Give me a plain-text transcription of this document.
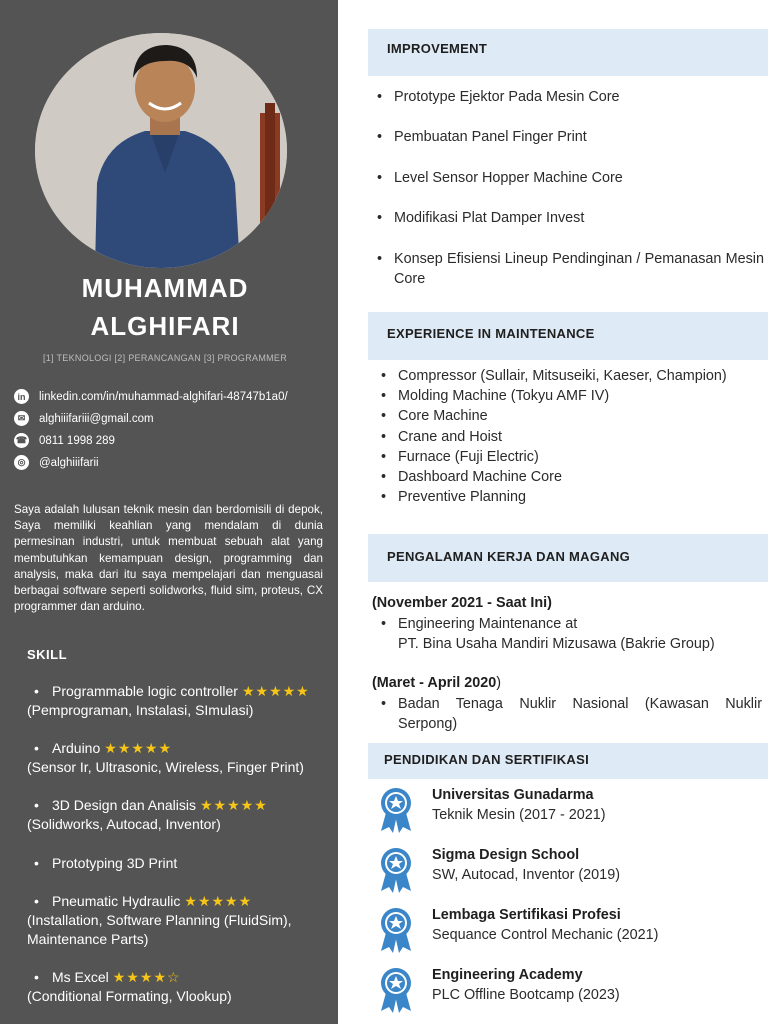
MUHAMMAD
ALGHIFARI
[1] TEKNOLOGI [2] PERANCANGAN [3] PROGRAMMER
in	linkedin.com/in/muhammad-alghifari-48747b1a0/
✉	alghiiifariii@gmail.com
☎ 0811 1998 289
◎	@alghiiifarii
Saya adalah lulusan teknik mesin dan berdomisili di depok, Saya memiliki keahlian yang mendalam di dunia permesinan industri, untuk membuat sebuah alat yang membutuhkan kemampuan design, programming dan analysis, maka dari itu saya mempelajari dan menguasai berbagai software seperti solidworks, fluid sim, proteus, CX programmer dan arduino.
SKILL
• Programmable logic controller ★★★★★
(Pemprograman, Instalasi, SImulasi)
• Arduino ★★★★★
(Sensor Ir, Ultrasonic, Wireless, Finger Print)
• 3D Design dan Analisis ★★★★★
(Solidworks, Autocad, Inventor)
• Prototyping 3D Print
• Pneumatic Hydraulic ★★★★★
(Installation, Software Planning (FluidSim), Maintenance Parts)
• Ms Excel ★★★★☆
(Conditional Formating, Vlookup)
IMPROVEMENT
• Prototype Ejektor Pada Mesin Core
• Pembuatan Panel Finger Print
• Level Sensor Hopper Machine Core
• Modifikasi Plat Damper Invest
• Konsep Efisiensi Lineup Pendinginan / Pemanasan Mesin Core
EXPERIENCE IN MAINTENANCE
• Compressor (Sullair, Mitsuseiki, Kaeser, Champion)
• Molding Machine (Tokyu AMF IV)
• Core Machine
• Crane and Hoist
• Furnace (Fuji Electric)
• Dashboard Machine Core
• Preventive Planning
PENGALAMAN KERJA DAN MAGANG
(November 2021 - Saat Ini)
• Engineering Maintenance at
PT. Bina Usaha Mandiri Mizusawa (Bakrie Group)
(Maret - April 2020)
• Badan Tenaga Nuklir Nasional (Kawasan Nuklir Serpong)
PENDIDIKAN DAN SERTIFIKASI
Universitas Gunadarma
Teknik Mesin (2017 - 2021)
Sigma Design School
SW, Autocad, Inventor (2019)
Lembaga Sertifikasi Profesi
Sequance Control Mechanic (2021)
Engineering Academy
PLC Offline Bootcamp (2023)
